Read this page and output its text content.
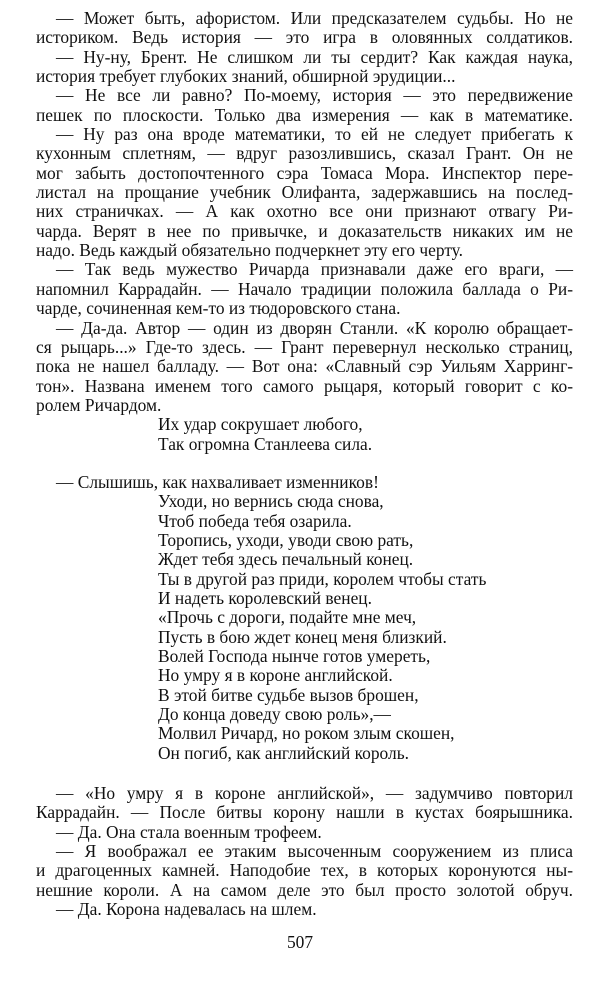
— Может быть, афористом. Или предсказателем судьбы. Но не
историком. Ведь история — это игра в оловянных солдатиков.
— Ну-ну, Брент. Не слишком ли ты сердит? Как каждая наука,
история требует глубоких знаний, обширной эрудиции...
— Не все ли равно? По-моему, история — это передвижение
пешек по плоскости. Только два измерения — как в математике.
— Ну раз она вроде математики, то ей не следует прибегать к
кухонным сплетням, — вдруг разозлившись, сказал Грант. Он не
мог забыть достопочтенного сэра Томаса Мора. Инспектор пере-
листал на прощание учебник Олифанта, задержавшись на послед-
них страничках. — А как охотно все они признают отвагу Ри-
чарда. Верят в нее по привычке, и доказательств никаких им не
надо. Ведь каждый обязательно подчеркнет эту его черту.
— Так ведь мужество Ричарда признавали даже его враги, —
напомнил Каррадайн. — Начало традиции положила баллада о Ри-
чарде, сочиненная кем-то из тюдоровского стана.
— Да-да. Автор — один из дворян Станли. «К королю обращает-
ся рыцарь...» Где-то здесь. — Грант перевернул несколько страниц,
пока не нашел балладу. — Вот она: «Славный сэр Уильям Харринг-
тон». Названа именем того самого рыцаря, который говорит с ко-
ролем Ричардом.
Их удар сокрушает любого,
Так огромна Станлеева сила.
— Слышишь, как нахваливает изменников!
Уходи, но вернись сюда снова,
Чтоб победа тебя озарила.
Торопись, уходи, уводи свою рать,
Ждет тебя здесь печальный конец.
Ты в другой раз приди, королем чтобы стать
И надеть королевский венец.
«Прочь с дороги, подайте мне меч,
Пусть в бою ждет конец меня близкий.
Волей Господа нынче готов умереть,
Но умру я в короне английской.
В этой битве судьбе вызов брошен,
До конца доведу свою роль»,—
Молвил Ричард, но роком злым скошен,
Он погиб, как английский король.
— «Но умру я в короне английской», — задумчиво повторил
Каррадайн. — После битвы корону нашли в кустах боярышника.
— Да. Она стала военным трофеем.
— Я воображал ее этаким высоченным сооружением из плиса
и драгоценных камней. Наподобие тех, в которых коронуются ны-
нешние короли. А на самом деле это был просто золотой обруч.
— Да. Корона надевалась на шлем.
507
